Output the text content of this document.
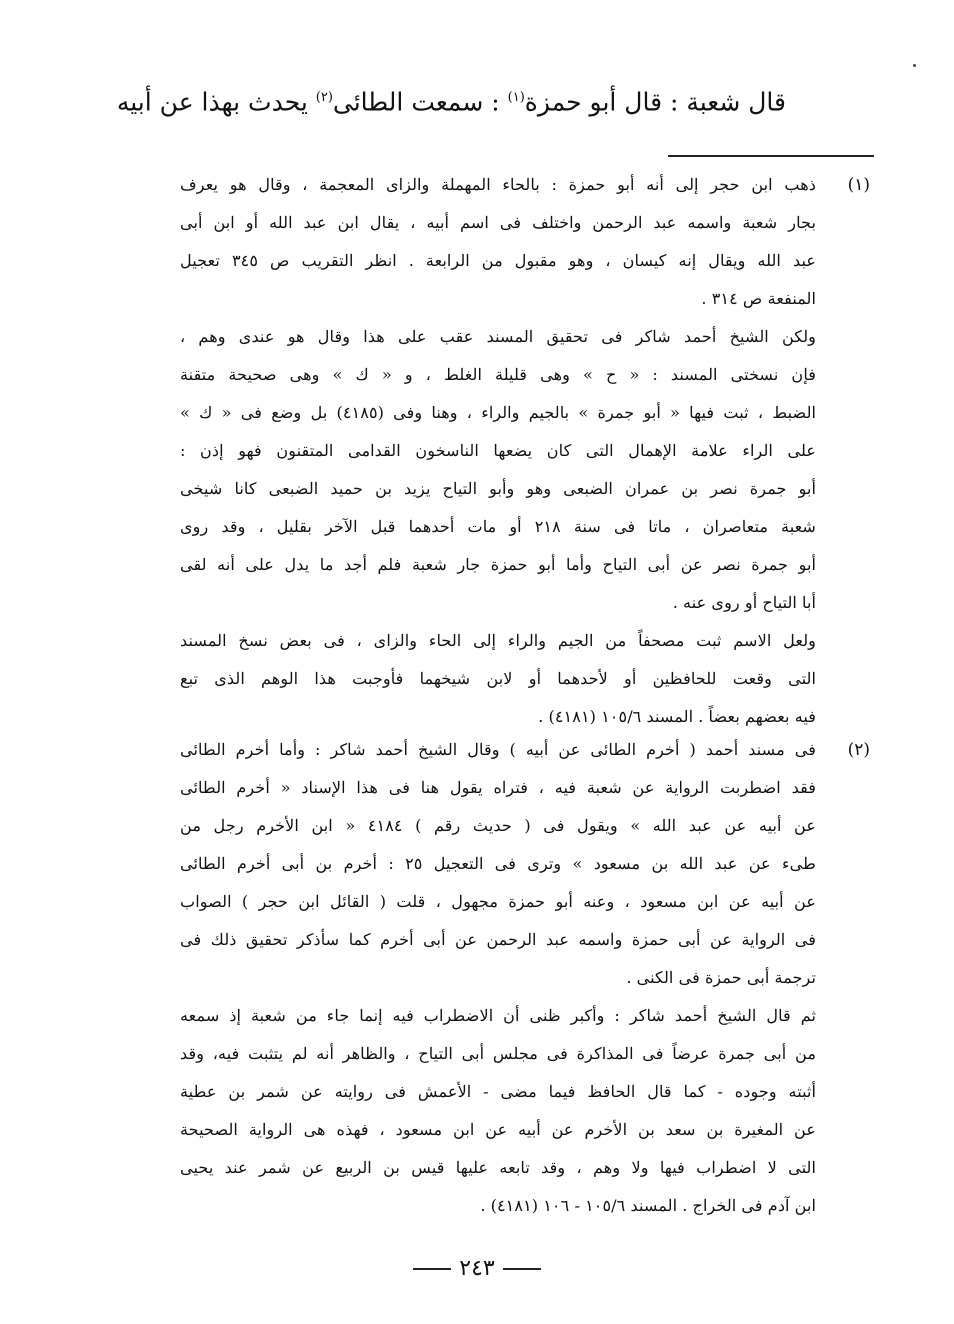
قال شعبة : قال أبو حمزة$^{(١)}$ : سمعت الطائى$^{(٢)}$ يحدث بهذا عن أبيه
(١)
ذهب ابن حجر إلى أنه أبو حمزة : بالحاء المهملة والزاى المعجمة ، وقال هو يعرف
بجار شعبة واسمه عبد الرحمن واختلف فى اسم أبيه ، يقال ابن عبد الله أو ابن أبى
عبد الله ويقال إنه كيسان ، وهو مقبول من الرابعة . انظر التقريب ص ٣٤٥ تعجيل
المنفعة ص ٣١٤ .
ولكن الشيخ أحمد شاكر فى تحقيق المسند عقب على هذا وقال هو عندى وهم ،
فإن نسختى المسند : « ح » وهى قليلة الغلط ، و « ك » وهى صحيحة متقنة
الضبط ، ثبت فيها « أبو جمرة » بالجيم والراء ، وهنا وفى (٤١٨٥) بل وضع فى « ك »
على الراء علامة الإهمال التى كان يضعها الناسخون القدامى المتقنون فهو إذن :
أبو جمرة نصر بن عمران الضبعى وهو وأبو التياح يزيد بن حميد الضبعى كانا شيخى
شعبة متعاصران ، ماتا فى سنة ٢١٨ أو مات أحدهما قبل الآخر بقليل ، وقد روى
أبو جمرة نصر عن أبى التياح وأما أبو حمزة جار شعبة فلم أجد ما يدل على أنه لقى
أبا التياح أو روى عنه .
ولعل الاسم ثبت مصحفاً من الجيم والراء إلى الحاء والزاى ، فى بعض نسخ المسند
التى وقعت للحافظين أو لأحدهما أو لابن شيخهما فأوجبت هذا الوهم الذى تبع
فيه بعضهم بعضاً . المسند ١٠٥/٦ (٤١٨١) .
(٢)
فى مسند أحمد ( أخرم الطائى عن أبيه ) وقال الشيخ أحمد شاكر : وأما أخرم الطائى
فقد اضطربت الرواية عن شعبة فيه ، فتراه يقول هنا فى هذا الإسناد « أخرم الطائى
عن أبيه عن عبد الله » ويقول فى ( حديث رقم ) ٤١٨٤ « ابن الأخرم رجل من
طىء عن عبد الله بن مسعود » وترى فى التعجيل ٢٥ : أخرم بن أبى أخرم الطائى
عن أبيه عن ابن مسعود ، وعنه أبو حمزة مجهول ، قلت ( القائل ابن حجر ) الصواب
فى الرواية عن أبى حمزة واسمه عبد الرحمن عن أبى أخرم كما سأذكر تحقيق ذلك فى
ترجمة أبى حمزة فى الكنى .
ثم قال الشيخ أحمد شاكر : وأكبر ظنى أن الاضطراب فيه إنما جاء من شعبة إذ سمعه
من أبى جمرة عرضاً فى المذاكرة فى مجلس أبى التياح ، والظاهر أنه لم يتثبت فيه، وقد
أثبته وجوده - كما قال الحافظ فيما مضى - الأعمش فى روايته عن شمر بن عطية
عن المغيرة بن سعد بن الأخرم عن أبيه عن ابن مسعود ، فهذه هى الرواية الصحيحة
التى لا اضطراب فيها ولا وهم ، وقد تابعه عليها قيس بن الربيع عن شمر عند يحيى
ابن آدم فى الخراج . المسند ١٠٥/٦ - ١٠٦ (٤١٨١) .
٢٤٣
